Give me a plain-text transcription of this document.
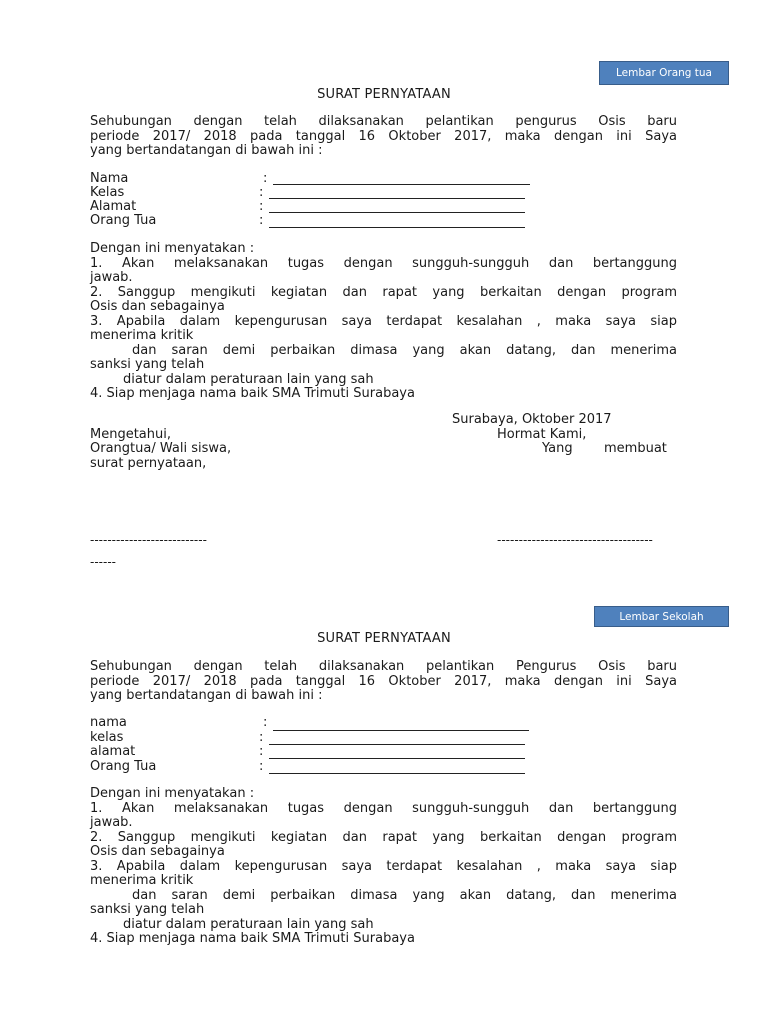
Lembar Orang tua
SURAT PERNYATAAN
Sehubungan dengan telah dilaksanakan pelantikan pengurus Osis baru
periode 2017/ 2018 pada tanggal 16 Oktober 2017, maka dengan ini Saya
yang bertandatangan di bawah ini :
Nama	:
Kelas	:
Alamat	:
Orang Tua	:
Dengan ini menyatakan :
1. Akan melaksanakan tugas dengan sungguh-sungguh dan bertanggung
jawab.
2. Sanggup mengikuti kegiatan dan rapat yang berkaitan dengan program
Osis dan sebagainya
3. Apabila dalam kepengurusan saya terdapat kesalahan , maka saya siap
menerima kritik
dan saran demi perbaikan dimasa yang akan datang, dan menerima
sanksi yang telah
diatur dalam peraturaan lain yang sah
4. Siap menjaga nama baik SMA Trimuti Surabaya
Surabaya, Oktober 2017
Hormat Kami,
Mengetahui,
Orangtua/ Wali siswa,	Yang membuat
surat pernyataan,
---------------------------	------------------------------------
------
Lembar Sekolah
SURAT PERNYATAAN
Sehubungan dengan telah dilaksanakan pelantikan Pengurus Osis baru
periode 2017/ 2018 pada tanggal 16 Oktober 2017, maka dengan ini Saya
yang bertandatangan di bawah ini :
nama	:
kelas	:
alamat	:
Orang Tua	:
Dengan ini menyatakan :
1. Akan melaksanakan tugas dengan sungguh-sungguh dan bertanggung
jawab.
2. Sanggup mengikuti kegiatan dan rapat yang berkaitan dengan program
Osis dan sebagainya
3. Apabila dalam kepengurusan saya terdapat kesalahan , maka saya siap
menerima kritik
dan saran demi perbaikan dimasa yang akan datang, dan menerima
sanksi yang telah
diatur dalam peraturaan lain yang sah
4. Siap menjaga nama baik SMA Trimuti Surabaya
